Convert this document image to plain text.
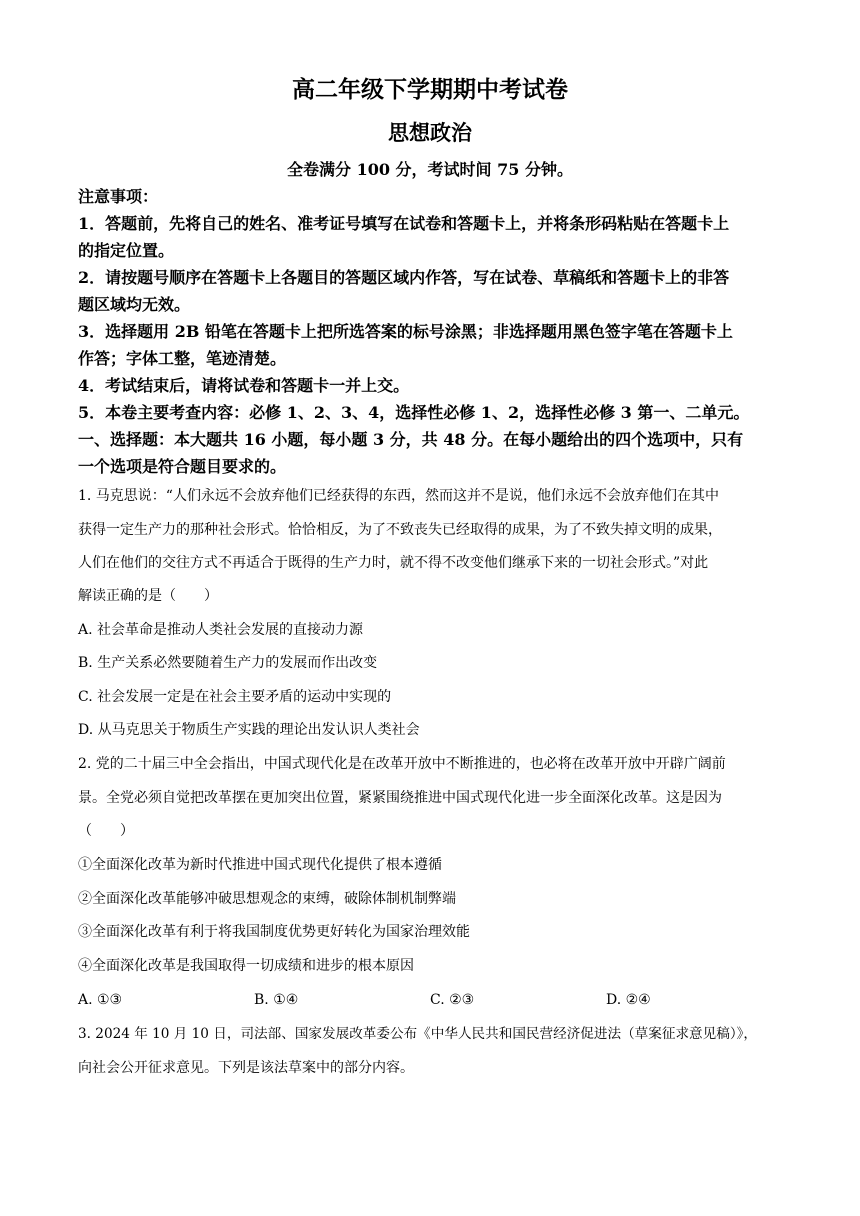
高二年级下学期期中考试卷
思想政治
全卷满分 100 分，考试时间 75 分钟。
注意事项：
1．答题前，先将自己的姓名、准考证号填写在试卷和答题卡上，并将条形码粘贴在答题卡上
的指定位置。
2．请按题号顺序在答题卡上各题目的答题区域内作答，写在试卷、草稿纸和答题卡上的非答
题区域均无效。
3．选择题用 2B 铅笔在答题卡上把所选答案的标号涂黑；非选择题用黑色签字笔在答题卡上
作答；字体工整，笔迹清楚。
4．考试结束后，请将试卷和答题卡一并上交。
5．本卷主要考查内容：必修 1、2、3、4，选择性必修 1、2，选择性必修 3 第一、二单元。
一、选择题：本大题共 16 小题，每小题 3 分，共 48 分。在每小题给出的四个选项中，只有
一个选项是符合题目要求的。
1. 马克思说：“人们永远不会放弃他们已经获得的东西，然而这并不是说，他们永远不会放弃他们在其中
获得一定生产力的那种社会形式。恰恰相反，为了不致丧失已经取得的成果，为了不致失掉文明的成果，
人们在他们的交往方式不再适合于既得的生产力时，就不得不改变他们继承下来的一切社会形式。”对此
解读正确的是（　　）
A. 社会革命是推动人类社会发展的直接动力源
B. 生产关系必然要随着生产力的发展而作出改变
C. 社会发展一定是在社会主要矛盾的运动中实现的
D. 从马克思关于物质生产实践的理论出发认识人类社会
2. 党的二十届三中全会指出，中国式现代化是在改革开放中不断推进的，也必将在改革开放中开辟广阔前
景。全党必须自觉把改革摆在更加突出位置，紧紧围绕推进中国式现代化进一步全面深化改革。这是因为
（　　）
①全面深化改革为新时代推进中国式现代化提供了根本遵循
②全面深化改革能够冲破思想观念的束缚，破除体制机制弊端
③全面深化改革有利于将我国制度优势更好转化为国家治理效能
④全面深化改革是我国取得一切成绩和进步的根本原因
A. ①③	B. ①④	C. ②③	D. ②④
3. 2024 年 10 月 10 日，司法部、国家发展改革委公布《中华人民共和国民营经济促进法（草案征求意见稿）》，
向社会公开征求意见。下列是该法草案中的部分内容。
